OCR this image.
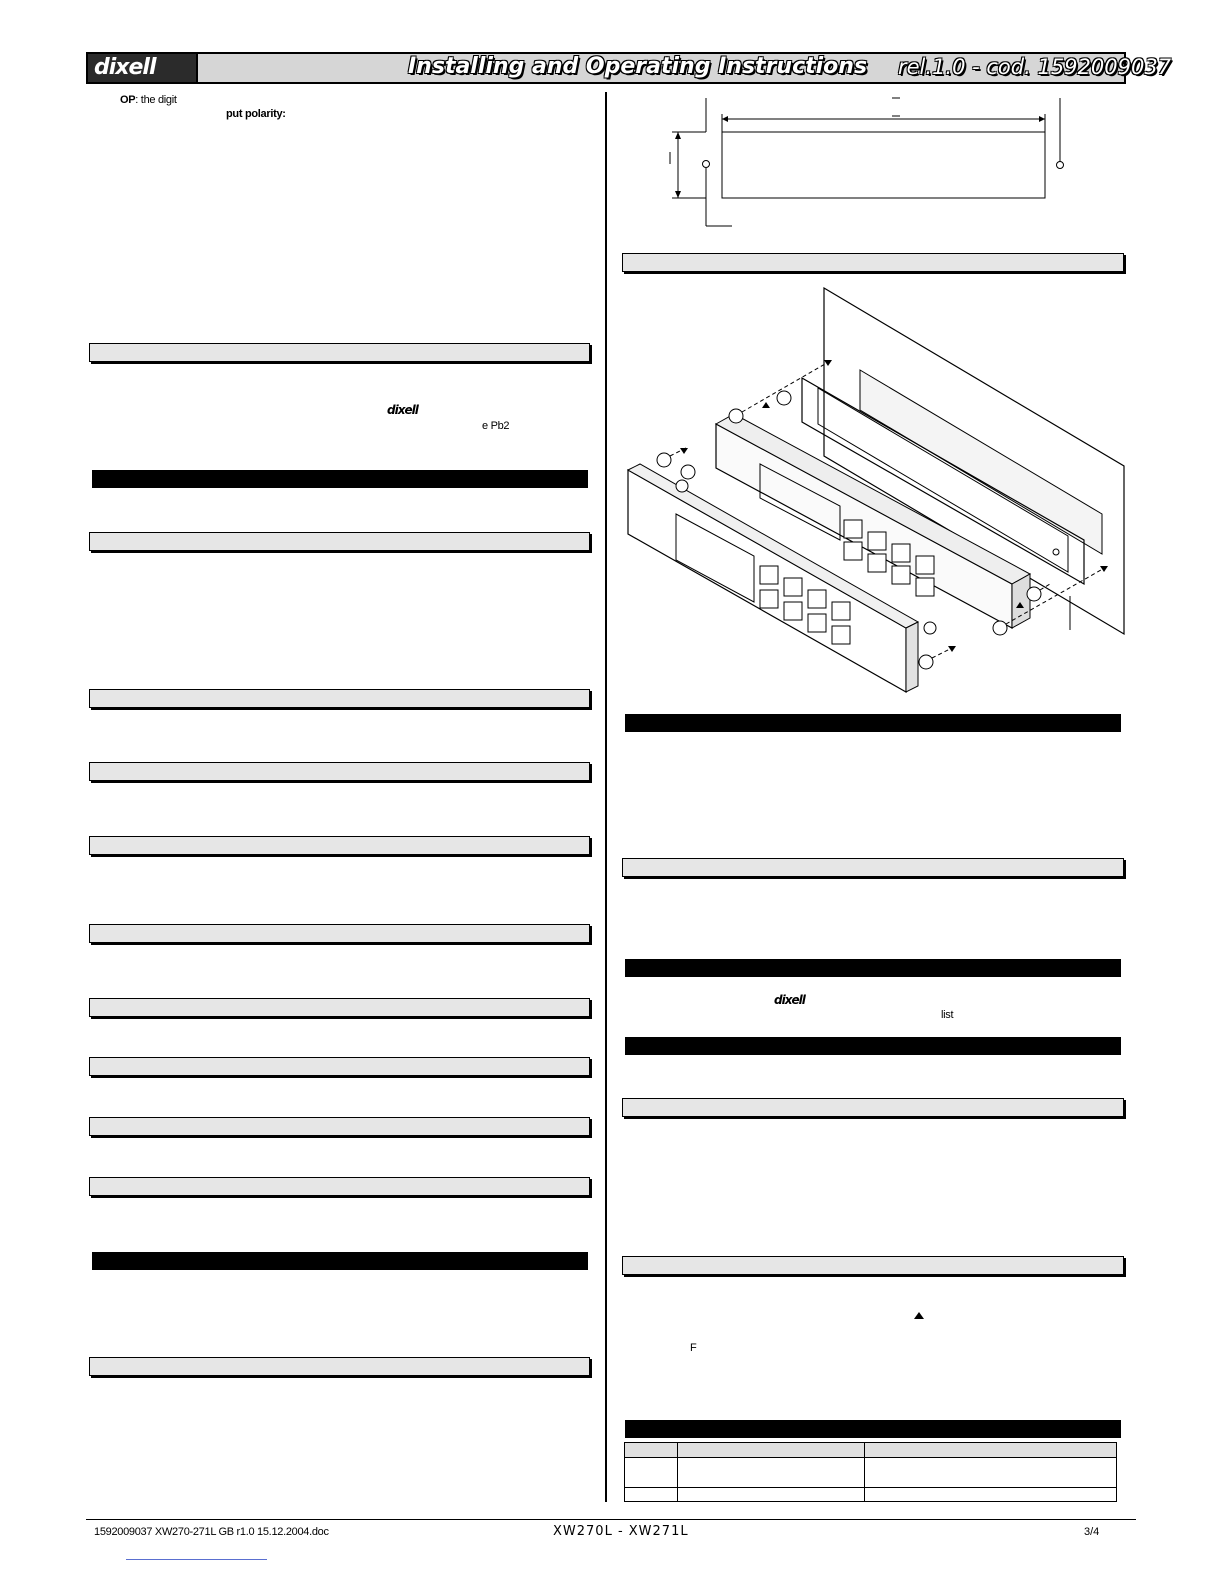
dixell	Installing and Operating Instructions rel.1.0 - cod. 1592009037
OP: the digit
put polarity:
dixell
e Pb2
dixell
list
F

1592009037 XW270-271L GB r1.0 15.12.2004.doc	XW270L - XW271L	3/4
